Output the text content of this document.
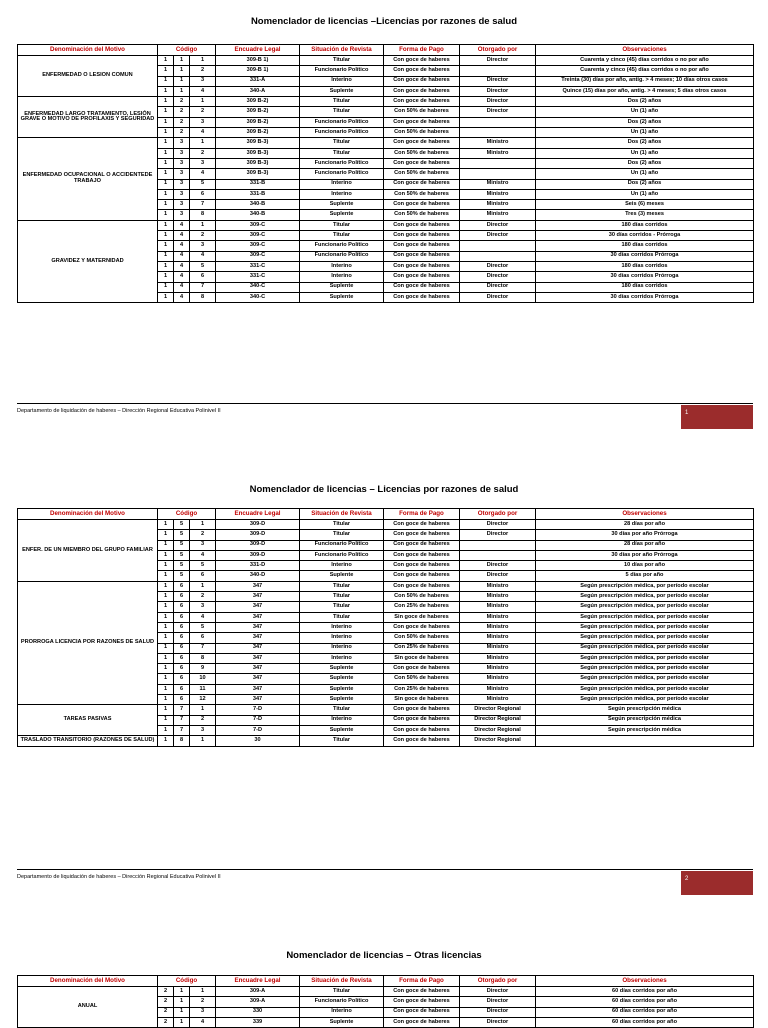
Nomenclador de licencias –Licencias por razones de salud
Denominación del Motivo	Código			Encuadre Legal	Situación de Revista	Forma de Pago	Otorgado por	Observaciones
ENFERMEDAD O LESION COMUN	1	1	1	309-B 1)	Titular	Con goce de haberes	Director	Cuarenta y cinco (45) días corridos o no por año
	1	1	2	309-B 1)	Funcionario Político	Con goce de haberes		Cuarenta y cinco (45) días corridos o no por año
	1	1	3	331-A	Interino	Con goce de haberes	Director	Treinta (30) días por año, antig. > 4 meses; 10 días otros casos
	1	1	4	340-A	Suplente	Con goce de haberes	Director	Quince (15) días por año, antig. > 4 meses; 5 días otros casos
ENFERMEDAD LARGO TRATAMIENTO, LESIÓN GRAVE O MOTIVO DE PROFILAXIS Y SEGURIDAD	1	2	1	309 B-2)	Titular	Con goce de haberes	Director	Dos (2) años
	1	2	2	309 B-2)	Titular	Con 50% de haberes	Director	Un (1) año
	1	2	3	309 B-2)	Funcionario Político	Con goce de haberes		Dos (2) años
	1	2	4	309 B-2)	Funcionario Político	Con 50% de haberes		Un (1) año
ENFERMEDAD OCUPACIONAL O ACCIDENTEDE TRABAJO	1	3	1	309 B-3)	Titular	Con goce de haberes	Ministro	Dos (2) años
	1	3	2	309 B-3)	Titular	Con 50% de haberes	Ministro	Un (1) año
	1	3	3	309 B-3)	Funcionario Político	Con goce de haberes		Dos (2) años
	1	3	4	309 B-3)	Funcionario Político	Con 50% de haberes		Un (1) año
	1	3	5	331-B	Interino	Con goce de haberes	Ministro	Dos (2) años
	1	3	6	331-B	Interino	Con 50% de haberes	Ministro	Un (1) año
	1	3	7	340-B	Suplente	Con goce de haberes	Ministro	Seis (6) meses
	1	3	8	340-B	Suplente	Con 50% de haberes	Ministro	Tres (3) meses
GRAVIDEZ Y MATERNIDAD	1	4	1	309-C	Titular	Con goce de haberes	Director	180 días corridos
	1	4	2	309-C	Titular	Con goce de haberes	Director	30 días corridos - Prórroga
	1	4	3	309-C	Funcionario Político	Con goce de haberes		180 días corridos
	1	4	4	309-C	Funcionario Político	Con goce de haberes		30 días corridos Prórroga
	1	4	5	331-C	Interino	Con goce de haberes	Director	180 días corridos
	1	4	6	331-C	Interino	Con goce de haberes	Director	30 días corridos Prórroga
	1	4	7	340-C	Suplente	Con goce de haberes	Director	180 días corridos
	1	4	8	340-C	Suplente	Con goce de haberes	Director	30 días corridos Prórroga
Departamento de liquidación de haberes – Dirección Regional Educativa Polinivel II	1
Nomenclador de licencias – Licencias por razones de salud
Denominación del Motivo	Código			Encuadre Legal	Situación de Revista	Forma de Pago	Otorgado por	Observaciones
ENFER. DE UN MIEMBRO DEL GRUPO FAMILIAR	1	5	1	309-D	Titular	Con goce de haberes	Director	28 días por año
	1	5	2	309-D	Titular	Con goce de haberes	Director	30 días por año Prórroga
	1	5	3	309-D	Funcionario Político	Con goce de haberes		28 días por año
	1	5	4	309-D	Funcionario Político	Con goce de haberes		30 días por año Prórroga
	1	5	5	331-D	Interino	Con goce de haberes	Director	10 días por año
	1	5	6	340-D	Suplente	Con goce de haberes	Director	5 días por año
PRORROGA LICENCIA POR RAZONES DE SALUD	1	6	1	347	Titular	Con goce de haberes	Ministro	Según prescripción médica, por período escolar
	1	6	2	347	Titular	Con 50% de haberes	Ministro	Según prescripción médica, por período escolar
	1	6	3	347	Titular	Con 25% de haberes	Ministro	Según prescripción médica, por período escolar
	1	6	4	347	Titular	Sin goce de haberes	Ministro	Según prescripción médica, por período escolar
	1	6	5	347	Interino	Con goce de haberes	Ministro	Según prescripción médica, por período escolar
	1	6	6	347	Interino	Con 50% de haberes	Ministro	Según prescripción médica, por período escolar
	1	6	7	347	Interino	Con 25% de haberes	Ministro	Según prescripción médica, por período escolar
	1	6	8	347	Interino	Sin goce de haberes	Ministro	Según prescripción médica, por período escolar
	1	6	9	347	Suplente	Con goce de haberes	Ministro	Según prescripción médica, por período escolar
	1	6	10	347	Suplente	Con 50% de haberes	Ministro	Según prescripción médica, por período escolar
	1	6	11	347	Suplente	Con 25% de haberes	Ministro	Según prescripción médica, por período escolar
	1	6	12	347	Suplente	Sin goce de haberes	Ministro	Según prescripción médica, por período escolar
TAREAS PASIVAS	1	7	1	7-D	Titular	Con goce de haberes	Director Regional	Según prescripción médica
	1	7	2	7-D	Interino	Con goce de haberes	Director Regional	Según prescripción médica
	1	7	3	7-D	Suplente	Con goce de haberes	Director Regional	Según prescripción médica
TRASLADO TRANSITORIO (RAZONES DE SALUD)	1	8	1	30	Titular	Con goce de haberes	Director Regional	
Departamento de liquidación de haberes – Dirección Regional Educativa Polinivel II	2
Nomenclador de licencias – Otras licencias
Denominación del Motivo	Código			Encuadre Legal	Situación de Revista	Forma de Pago	Otorgado por	Observaciones
ANUAL	2	1	1	309-A	Titular	Con goce de haberes	Director	60 días corridos por año
	2	1	2	309-A	Funcionario Político	Con goce de haberes	Director	60 días corridos por año
	2	1	3	330	Interino	Con goce de haberes	Director	60 días corridos por año
	2	1	4	339	Suplente	Con goce de haberes	Director	60 días corridos por año
